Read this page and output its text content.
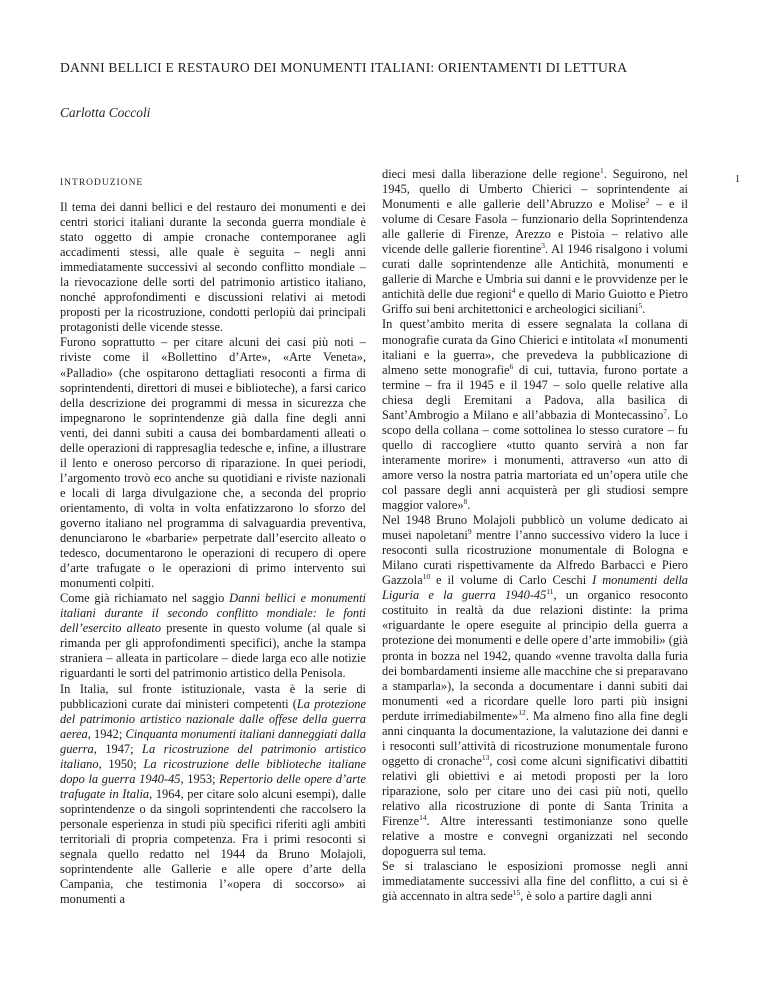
DANNI BELLICI E RESTAURO DEI MONUMENTI ITALIANI: ORIENTAMENTI DI LETTURA
Carlotta Coccoli
INTRODUZIONE	1

Il tema dei danni bellici e del restauro dei monumenti e dei centri storici italiani durante la seconda guerra mondiale è stato oggetto di ampie cronache contemporanee agli accadimenti stessi, alle quale è seguita – negli anni immediatamente successivi al secondo conflitto mondiale – la rievocazione delle sorti del patrimonio artistico italiano, nonché approfondimenti e discussioni relativi ai metodi proposti per la ricostruzione, condotti perlopiù dai principali protagonisti delle vicende stesse.

Furono soprattutto – per citare alcuni dei casi più noti – riviste come il «Bollettino d’Arte», «Arte Veneta», «Palladio» (che ospitarono dettagliati resoconti a firma di soprintendenti, direttori di musei e biblioteche), a farsi carico della descrizione dei programmi di messa in sicurezza che impegnarono le soprintendenze già dalla fine degli anni venti, dei danni subiti a causa dei bombardamenti alleati o delle operazioni di rappresaglia tedesche e, infine, a illustrare il lento e oneroso percorso di riparazione. In quei periodi, l’argomento trovò eco anche su quotidiani e riviste nazionali e locali di larga divulgazione che, a seconda del proprio orientamento, di volta in volta enfatizzarono lo sforzo del governo italiano nel programma di salvaguardia preventiva, denunciarono le «barbarie» perpetrate dall’esercito alleato o tedesco, documentarono le operazioni di recupero di opere d’arte trafugate o le operazioni di primo intervento sui monumenti colpiti.

Come già richiamato nel saggio Danni bellici e monumenti italiani durante il secondo conflitto mondiale: le fonti dell’esercito alleato presente in questo volume (al quale si rimanda per gli approfondimenti specifici), anche la stampa straniera – alleata in particolare – diede larga eco alle notizie riguardanti le sorti del patrimonio artistico della Penisola.

In Italia, sul fronte istituzionale, vasta è la serie di pubblicazioni curate dai ministeri competenti (La protezione del patrimonio artistico nazionale dalle offese della guerra aerea, 1942; Cinquanta monumenti italiani danneggiati dalla guerra, 1947; La ricostruzione del patrimonio artistico italiano, 1950; La ricostruzione delle biblioteche italiane dopo la guerra 1940-45, 1953; Repertorio delle opere d’arte trafugate in Italia, 1964, per citare solo alcuni esempi), dalle soprintendenze o da singoli soprintendenti che raccolsero la personale esperienza in studi più specifici riferiti agli ambiti territoriali di propria competenza. Fra i primi resoconti si segnala quello redatto nel 1944 da Bruno Molajoli, soprintendente alle Gallerie e alle opere d’arte della Campania, che testimonia l’«opera di soccorso» ai monumenti a

dieci mesi dalla liberazione delle regione$^1$. Seguirono, nel 1945, quello di Umberto Chierici – soprintendente ai Monumenti e alle gallerie dell’Abruzzo e Molise$^2$ – e il volume di Cesare Fasola – funzionario della Soprintendenza alle gallerie di Firenze, Arezzo e Pistoia – relativo alle vicende delle gallerie fiorentine$^3$. Al 1946 risalgono i volumi curati dalle soprintendenze alle Antichità, monumenti e gallerie di Marche e Umbria sui danni e le provvidenze per le antichità delle due regioni$^4$ e quello di Mario Guiotto e Pietro Griffo sui beni architettonici e archeologici siciliani$^5$.

In quest’ambito merita di essere segnalata la collana di monografie curata da Gino Chierici e intitolata «I monumenti italiani e la guerra», che prevedeva la pubblicazione di almeno sette monografie$^6$ di cui, tuttavia, furono portate a termine – fra il 1945 e il 1947 – solo quelle relative alla chiesa degli Eremitani a Padova, alla basilica di Sant’Ambrogio a Milano e all’abbazia di Montecassino$^7$. Lo scopo della collana – come sottolinea lo stesso curatore – fu quello di raccogliere «tutto quanto servirà a non far interamente morire» i monumenti, attraverso «un atto di amore verso la nostra patria martoriata ed un’opera utile che col passare degli anni acquisterà per gli studiosi sempre maggior valore»$^8$.

Nel 1948 Bruno Molajoli pubblicò un volume dedicato ai musei napoletani$^9$ mentre l’anno successivo videro la luce i resoconti sulla ricostruzione monumentale di Bologna e Milano curati rispettivamente da Alfredo Barbacci e Piero Gazzola$^{10}$ e il volume di Carlo Ceschi I monumenti della Liguria e la guerra $1940-45^{11}$, un organico resoconto costituito in realtà da due relazioni distinte: la prima «riguardante le opere eseguite al principio della guerra a protezione dei monumenti e delle opere d’arte immobili» (già pronta in bozza nel 1942, quando «venne travolta dalla furia dei bombardamenti insieme alle macchine che si preparavano a stamparla»), la seconda a documentare i danni subiti dai monumenti «ed a ricordare quelle loro parti più insigni perdute irrimediabilmente»$^{12}$. Ma almeno fino alla fine degli anni cinquanta la documentazione, la valutazione dei danni e i resoconti sull’attività di ricostruzione monumentale furono oggetto di cronache$^{13}$, così come alcuni significativi dibattiti relativi gli obiettivi e ai metodi proposti per la loro riparazione, solo per citare uno dei casi più noti, quello relativo alla ricostruzione di ponte di Santa Trinita a Firenze$^{14}$. Altre interessanti testimonianze sono quelle relative a mostre e convegni organizzati nel secondo dopoguerra sul tema.

Se si tralasciano le esposizioni promosse negli anni immediatamente successivi alla fine del conflitto, a cui si è già accennato in altra sede$^{15}$, è solo a partire dagli anni
